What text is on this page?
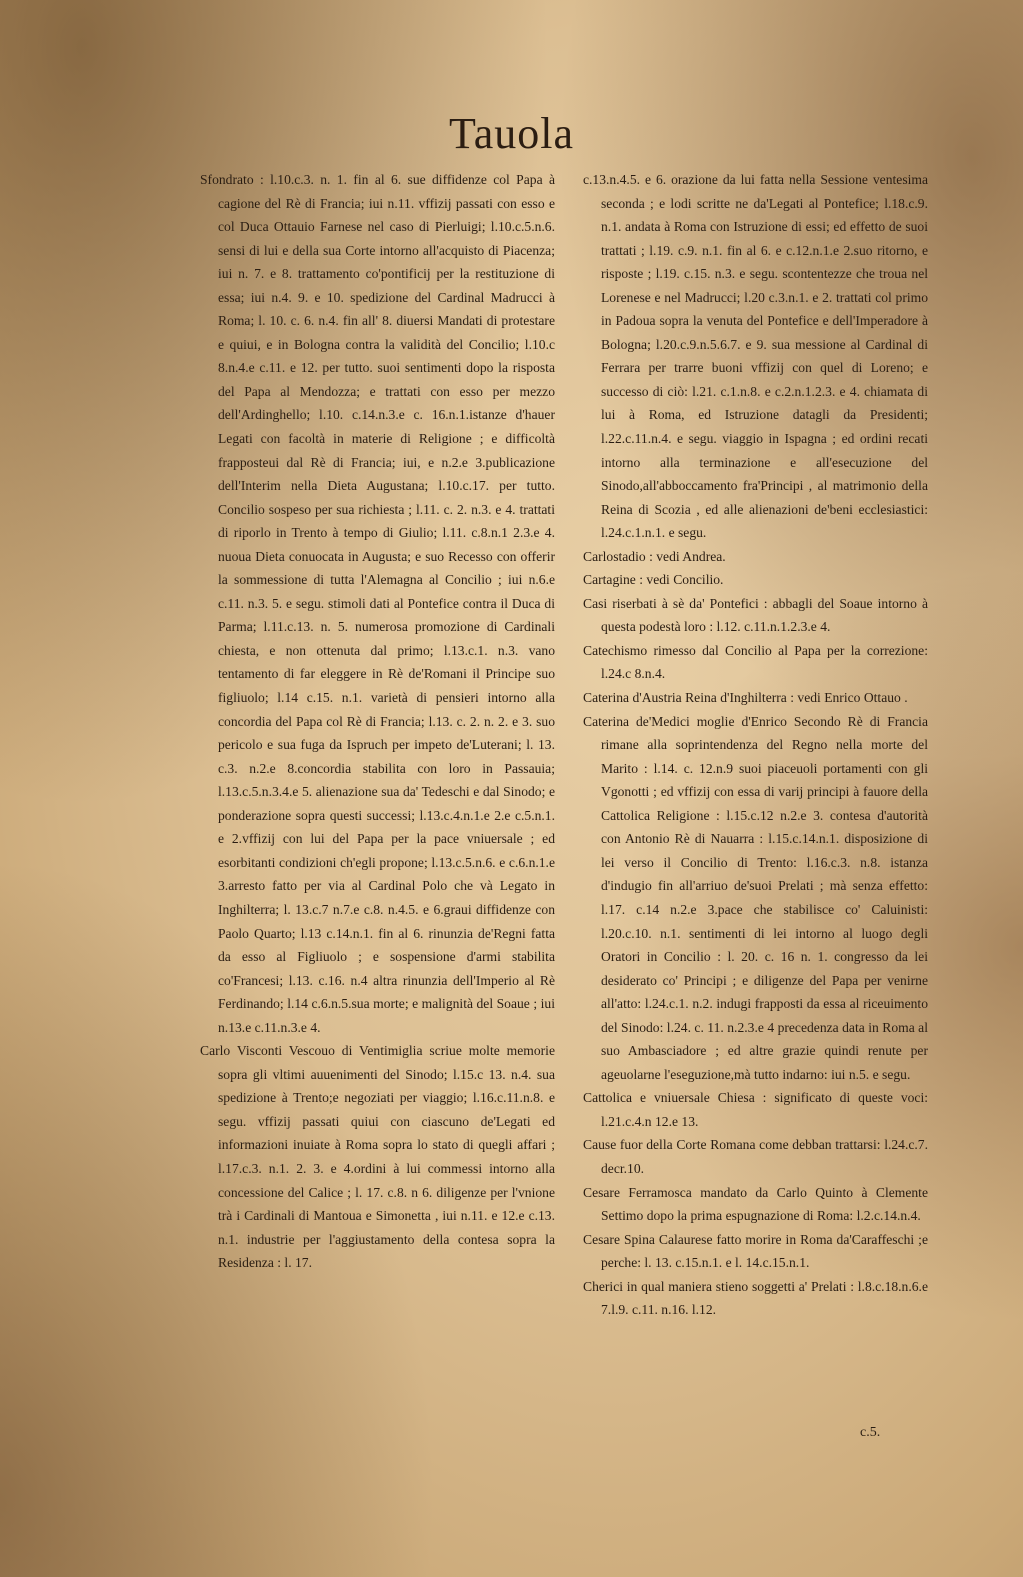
Tauola

Sfondrato : l.10.c.3. n. 1. fin al 6. sue diffidenze col Papa à cagione del Rè di Francia; iui n.11. vffizij passati con esso e col Duca Ottauio Farnese nel caso di Pierluigi; l.10.c.5.n.6. sensi di lui e della sua Corte intorno all'acquisto di Piacenza; iui n. 7. e 8. trattamento co'pontificij per la restituzione di essa; iui n.4. 9. e 10. spedizione del Cardinal Madrucci à Roma; l. 10. c. 6. n.4. fin all' 8. diuersi Mandati di protestare e quiui, e in Bologna contra la validità del Concilio; l.10.c 8.n.4.e c.11. e 12. per tutto. suoi sentimenti dopo la risposta del Papa al Mendozza; e trattati con esso per mezzo dell'Ardinghello; l.10. c.14.n.3.e c. 16.n.1.istanze d'hauer Legati con facoltà in materie di Religione ; e difficoltà frapposteui dal Rè di Francia; iui, e n.2.e 3.publicazione dell'Interim nella Dieta Augustana; l.10.c.17. per tutto. Concilio sospeso per sua richiesta ; l.11. c. 2. n.3. e 4. trattati di riporlo in Trento à tempo di Giulio; l.11. c.8.n.1 2.3.e 4. nuoua Dieta conuocata in Augusta; e suo Recesso con offerir la sommessione di tutta l'Alemagna al Concilio ; iui n.6.e c.11. n.3. 5. e segu. stimoli dati al Pontefice contra il Duca di Parma; l.11.c.13. n. 5. numerosa promozione di Cardinali chiesta, e non ottenuta dal primo; l.13.c.1. n.3. vano tentamento di far eleggere in Rè de'Romani il Principe suo figliuolo; l.14 c.15. n.1. varietà di pensieri intorno alla concordia del Papa col Rè di Francia; l.13. c. 2. n. 2. e 3. suo pericolo e sua fuga da Ispruch per impeto de'Luterani; l. 13. c.3. n.2.e 8.concordia stabilita con loro in Passauia; l.13.c.5.n.3.4.e 5. alienazione sua da' Tedeschi e dal Sinodo; e ponderazione sopra questi successi; l.13.c.4.n.1.e 2.e c.5.n.1. e 2.vffizij con lui del Papa per la pace vniuersale ; ed esorbitanti condizioni ch'egli propone; l.13.c.5.n.6. e c.6.n.1.e 3.arresto fatto per via al Cardinal Polo che và Legato in Inghilterra; l. 13.c.7 n.7.e c.8. n.4.5. e 6.graui diffidenze con Paolo Quarto; l.13 c.14.n.1. fin al 6. rinunzia de'Regni fatta da esso al Figliuolo ; e sospensione d'armi stabilita co'Francesi; l.13. c.16. n.4 altra rinunzia dell'Imperio al Rè Ferdinando; l.14 c.6.n.5.sua morte; e malignità del Soaue ; iui n.13.e c.11.n.3.e 4.

Carlo Visconti Vescouo di Ventimiglia scriue molte memorie sopra gli vltimi auuenimenti del Sinodo; l.15.c 13. n.4. sua spedizione à Trento;e negoziati per viaggio; l.16.c.11.n.8. e segu. vffizij passati quiui con ciascuno de'Legati ed informazioni inuiate à Roma sopra lo stato di quegli affari ; l.17.c.3. n.1. 2. 3. e 4.ordini à lui commessi intorno alla concessione del Calice ; l. 17. c.8. n 6. diligenze per l'vnione trà i Cardinali di Mantoua e Simonetta , iui n.11. e 12.e c.13. n.1. industrie per l'aggiustamento della contesa sopra la Residenza : l. 17.

c.13.n.4.5. e 6. orazione da lui fatta nella Sessione ventesima seconda ; e lodi scritte ne da'Legati al Pontefice; l.18.c.9. n.1. andata à Roma con Istruzione di essi; ed effetto de suoi trattati ; l.19. c.9. n.1. fin al 6. e c.12.n.1.e 2.suo ritorno, e risposte ; l.19. c.15. n.3. e segu. scontentezze che troua nel Lorenese e nel Madrucci; l.20 c.3.n.1. e 2. trattati col primo in Padoua sopra la venuta del Pontefice e dell'Imperadore à Bologna; l.20.c.9.n.5.6.7. e 9. sua messione al Cardinal di Ferrara per trarre buoni vffizij con quel di Loreno; e successo di ciò: l.21. c.1.n.8. e c.2.n.1.2.3. e 4. chiamata di lui à Roma, ed Istruzione datagli da Presidenti; l.22.c.11.n.4. e segu. viaggio in Ispagna ; ed ordini recati intorno alla terminazione e all'esecuzione del Sinodo,all'abboccamento fra'Principi , al matrimonio della Reina di Scozia , ed alle alienazioni de'beni ecclesiastici: l.24.c.1.n.1. e segu.

Carlostadio : vedi Andrea.

Cartagine : vedi Concilio.

Casi riserbati à sè da' Pontefici : abbagli del Soaue intorno à questa podestà loro : l.12. c.11.n.1.2.3.e 4.

Catechismo rimesso dal Concilio al Papa per la correzione: l.24.c 8.n.4.

Caterina d'Austria Reina d'Inghilterra : vedi Enrico Ottauo .

Caterina de'Medici moglie d'Enrico Secondo Rè di Francia rimane alla soprintendenza del Regno nella morte del Marito : l.14. c. 12.n.9 suoi piaceuoli portamenti con gli Vgonotti ; ed vffizij con essa di varij principi à fauore della Cattolica Religione : l.15.c.12 n.2.e 3. contesa d'autorità con Antonio Rè di Nauarra : l.15.c.14.n.1. disposizione di lei verso il Concilio di Trento: l.16.c.3. n.8. istanza d'indugio fin all'arriuo de'suoi Prelati ; mà senza effetto: l.17. c.14 n.2.e 3.pace che stabilisce co' Caluinisti: l.20.c.10. n.1. sentimenti di lei intorno al luogo degli Oratori in Concilio : l. 20. c. 16 n. 1. congresso da lei desiderato co' Principi ; e diligenze del Papa per venirne all'atto: l.24.c.1. n.2. indugi frapposti da essa al riceuimento del Sinodo: l.24. c. 11. n.2.3.e 4 precedenza data in Roma al suo Ambasciadore ; ed altre grazie quindi renute per ageuolarne l'eseguzione,mà tutto indarno: iui n.5. e segu.

Cattolica e vniuersale Chiesa : significato di queste voci: l.21.c.4.n 12.e 13.

Cause fuor della Corte Romana come debban trattarsi: l.24.c.7. decr.10.

Cesare Ferramosca mandato da Carlo Quinto à Clemente Settimo dopo la prima espugnazione di Roma: l.2.c.14.n.4.

Cesare Spina Calaurese fatto morire in Roma da'Caraffeschi ;e perche: l. 13. c.15.n.1. e l. 14.c.15.n.1.

Cherici in qual maniera stieno soggetti a' Prelati : l.8.c.18.n.6.e 7.l.9. c.11. n.16. l.12.

c.5.
